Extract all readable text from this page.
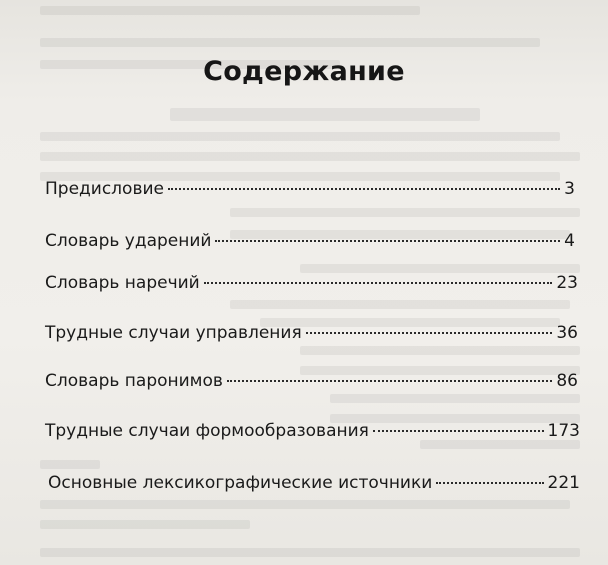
Содержание
Предисловие	3
Словарь ударений	4
Словарь наречий	23
Трудные случаи управления	36
Словарь паронимов	86
Трудные случаи формообразования	173
Основные лексикографические источники	221
